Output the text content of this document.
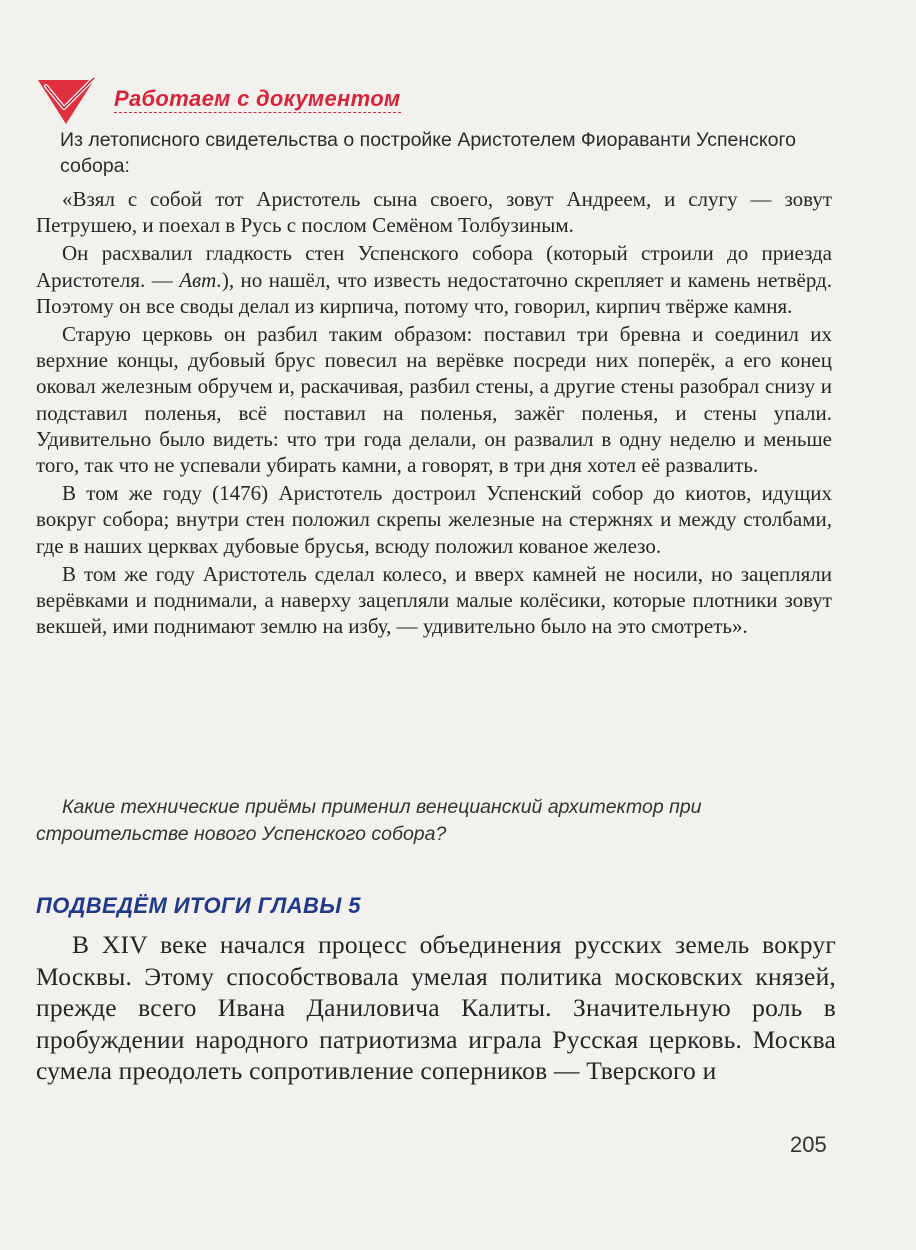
Работаем с документом

Из летописного свидетельства о постройке Аристотелем Фиораванти Успенского собора:

«Взял с собой тот Аристотель сына своего, зовут Андреем, и слугу — зовут Петрушею, и поехал в Русь с послом Семёном Толбузиным.

Он расхвалил гладкость стен Успенского собора (который строили до приезда Аристотеля. — Авт.), но нашёл, что известь недостаточно скрепляет и камень нетвёрд. Поэтому он все своды делал из кирпича, потому что, говорил, кирпич твёрже камня.

Старую церковь он разбил таким образом: поставил три бревна и соединил их верхние концы, дубовый брус повесил на верёвке посреди них поперёк, а его конец оковал железным обручем и, раскачивая, разбил стены, а другие стены разобрал снизу и подставил поленья, всё поставил на поленья, зажёг поленья, и стены упали. Удивительно было видеть: что три года делали, он развалил в одну неделю и меньше того, так что не успевали убирать камни, а говорят, в три дня хотел её развалить.

В том же году (1476) Аристотель достроил Успенский собор до киотов, идущих вокруг собора; внутри стен положил скрепы железные на стержнях и между столбами, где в наших церквах дубовые брусья, всюду положил кованое железо.

В том же году Аристотель сделал колесо, и вверх камней не носили, но зацепляли верёвками и поднимали, а наверху зацепляли малые колёсики, которые плотники зовут векшей, ими поднимают землю на избу, — удивительно было на это смотреть».

Какие технические приёмы применил венецианский архитектор при строительстве нового Успенского собора?

ПОДВЕДЁМ ИТОГИ ГЛАВЫ 5

В XIV веке начался процесс объединения русских земель вокруг Москвы. Этому способствовала умелая политика московских князей, прежде всего Ивана Даниловича Калиты. Значительную роль в пробуждении народного патриотизма играла Русская церковь. Москва сумела преодолеть сопротивление соперников — Тверского и

205
